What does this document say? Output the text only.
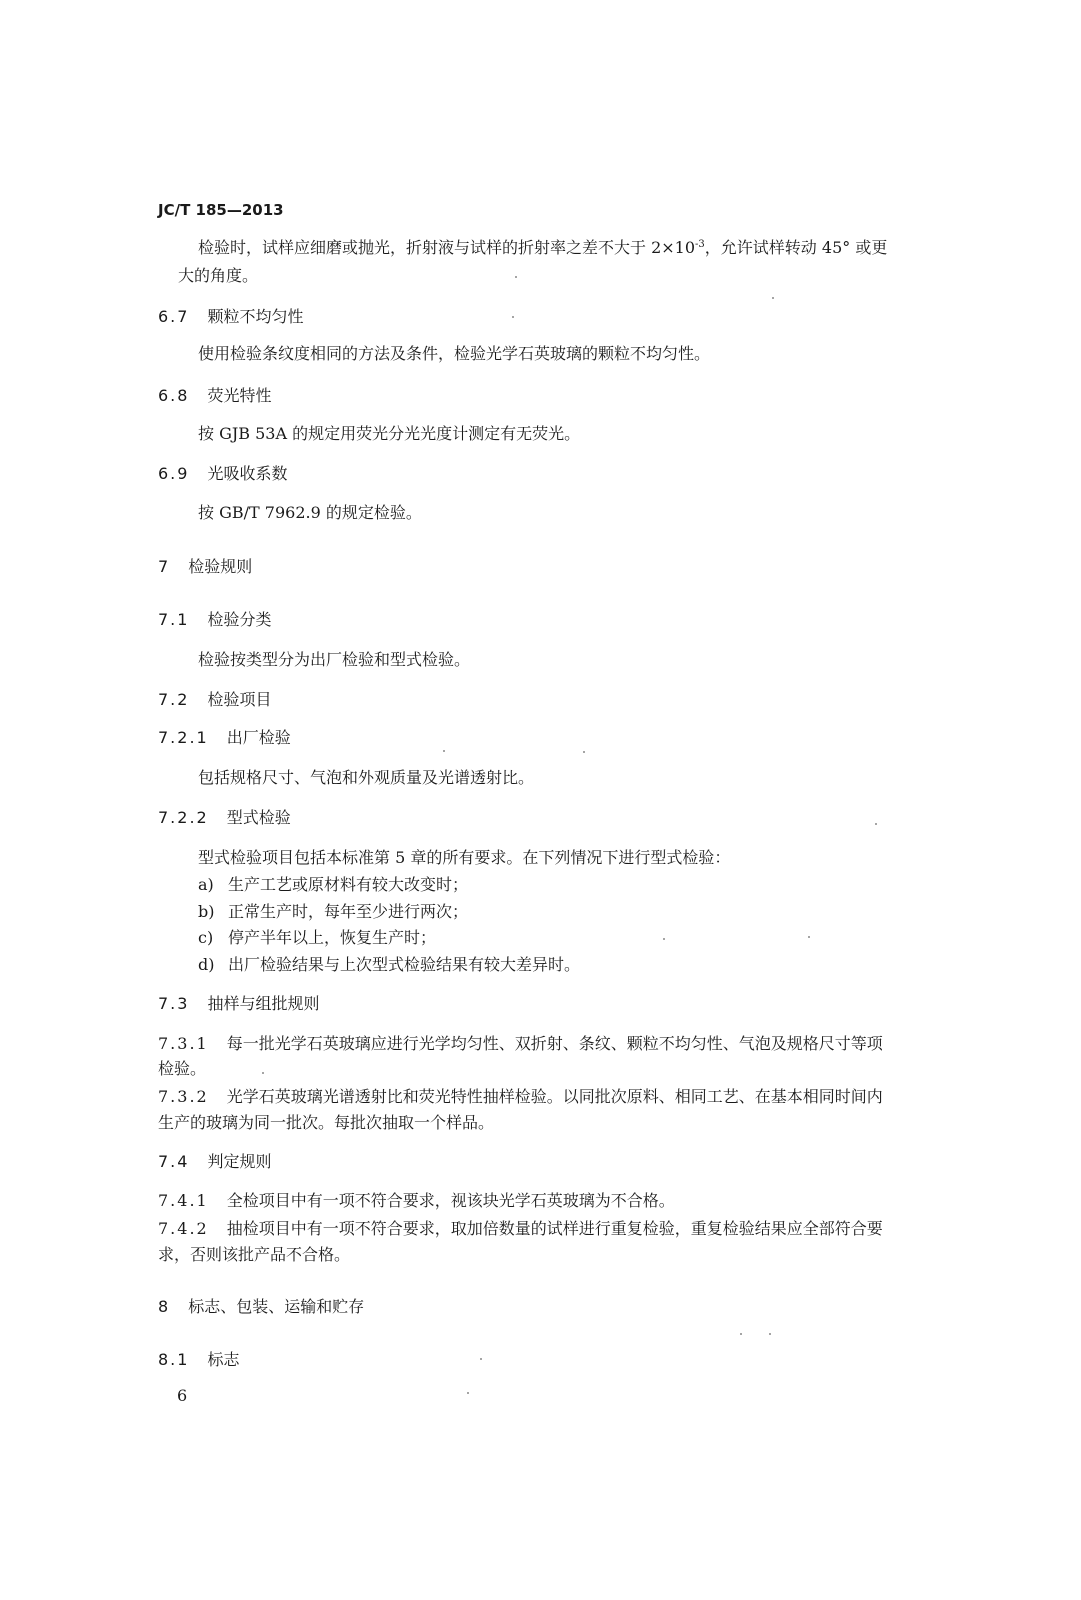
JC/T 185—2013
检验时，试样应细磨或抛光，折射液与试样的折射率之差不大于 $2\times 10^{-3}$，允许试样转动 45° 或更
大的角度。
6.7 颗粒不均匀性
使用检验条纹度相同的方法及条件，检验光学石英玻璃的颗粒不均匀性。
6.8 荧光特性
按 GJB 53A 的规定用荧光分光光度计测定有无荧光。
6.9 光吸收系数
按 GB/T 7962.9 的规定检验。
7 检验规则
7.1 检验分类
检验按类型分为出厂检验和型式检验。
7.2 检验项目
7.2.1 出厂检验
包括规格尺寸、气泡和外观质量及光谱透射比。
7.2.2 型式检验
型式检验项目包括本标准第 5 章的所有要求。在下列情况下进行型式检验：
a) 生产工艺或原材料有较大改变时；
b) 正常生产时，每年至少进行两次；
c) 停产半年以上，恢复生产时；
d) 出厂检验结果与上次型式检验结果有较大差异时。
7.3 抽样与组批规则
7.3.1 每一批光学石英玻璃应进行光学均匀性、双折射、条纹、颗粒不均匀性、气泡及规格尺寸等项
检验。
7.3.2 光学石英玻璃光谱透射比和荧光特性抽样检验。以同批次原料、相同工艺、在基本相同时间内
生产的玻璃为同一批次。每批次抽取一个样品。
7.4 判定规则
7.4.1 全检项目中有一项不符合要求，视该块光学石英玻璃为不合格。
7.4.2 抽检项目中有一项不符合要求，取加倍数量的试样进行重复检验，重复检验结果应全部符合要
求，否则该批产品不合格。
8 标志、包装、运输和贮存
8.1 标志
6
